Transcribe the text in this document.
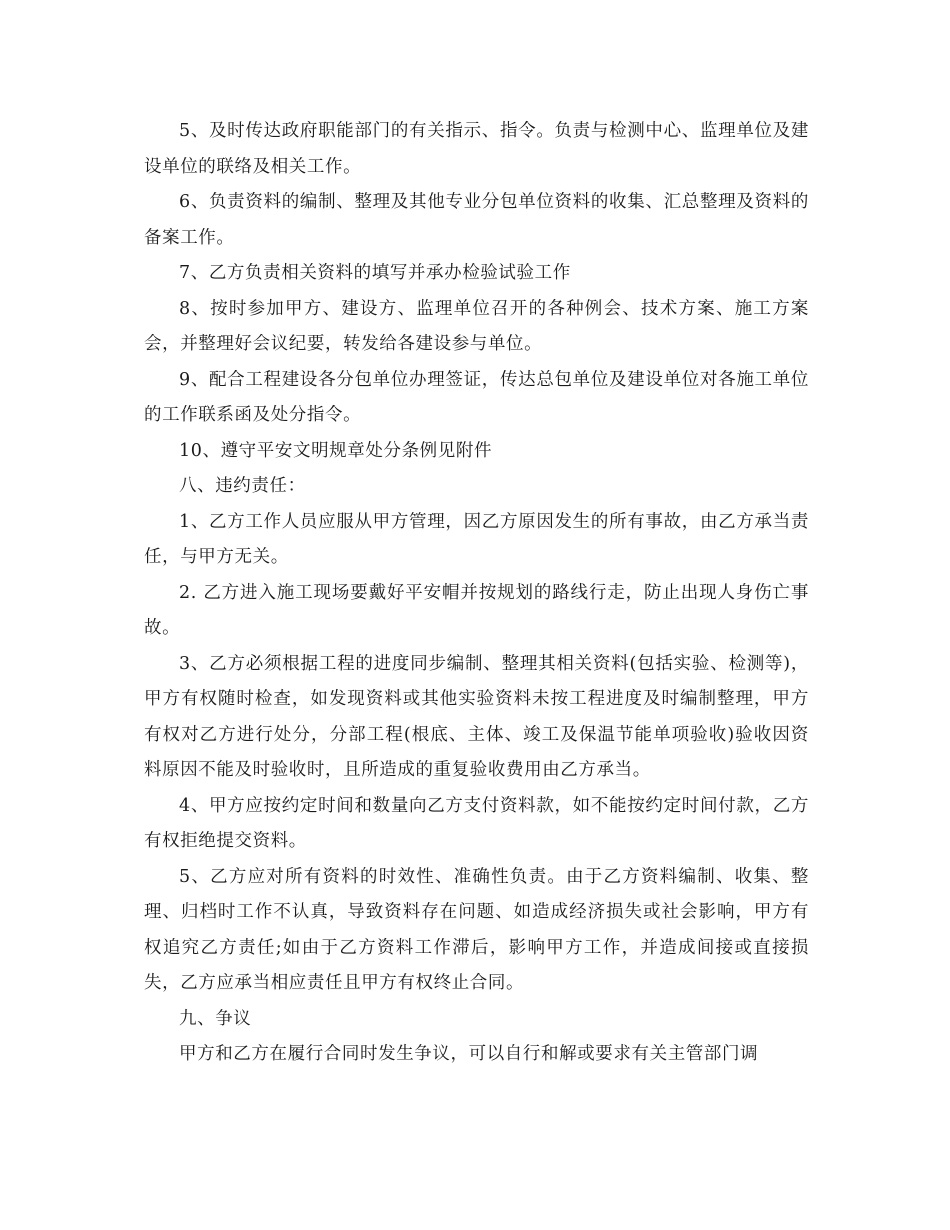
5、及时传达政府职能部门的有关指示、指令。负责与检测中心、监理单位及建设单位的联络及相关工作。

6、负责资料的编制、整理及其他专业分包单位资料的收集、汇总整理及资料的备案工作。

7、乙方负责相关资料的填写并承办检验试验工作

8、按时参加甲方、建设方、监理单位召开的各种例会、技术方案、施工方案会，并整理好会议纪要，转发给各建设参与单位。

9、配合工程建设各分包单位办理签证，传达总包单位及建设单位对各施工单位的工作联系函及处分指令。

10、遵守平安文明规章处分条例见附件

八、违约责任：

1、乙方工作人员应服从甲方管理，因乙方原因发生的所有事故，由乙方承当责任，与甲方无关。

2. 乙方进入施工现场要戴好平安帽并按规划的路线行走，防止出现人身伤亡事故。

3、乙方必须根据工程的进度同步编制、整理其相关资料(包括实验、检测等)，甲方有权随时检查，如发现资料或其他实验资料未按工程进度及时编制整理，甲方有权对乙方进行处分，分部工程(根底、主体、竣工及保温节能单项验收)验收因资料原因不能及时验收时，且所造成的重复验收费用由乙方承当。

4、甲方应按约定时间和数量向乙方支付资料款，如不能按约定时间付款，乙方有权拒绝提交资料。

5、乙方应对所有资料的时效性、准确性负责。由于乙方资料编制、收集、整理、归档时工作不认真，导致资料存在问题、如造成经济损失或社会影响，甲方有权追究乙方责任;如由于乙方资料工作滞后，影响甲方工作，并造成间接或直接损失，乙方应承当相应责任且甲方有权终止合同。

九、争议

甲方和乙方在履行合同时发生争议，可以自行和解或要求有关主管部门调
